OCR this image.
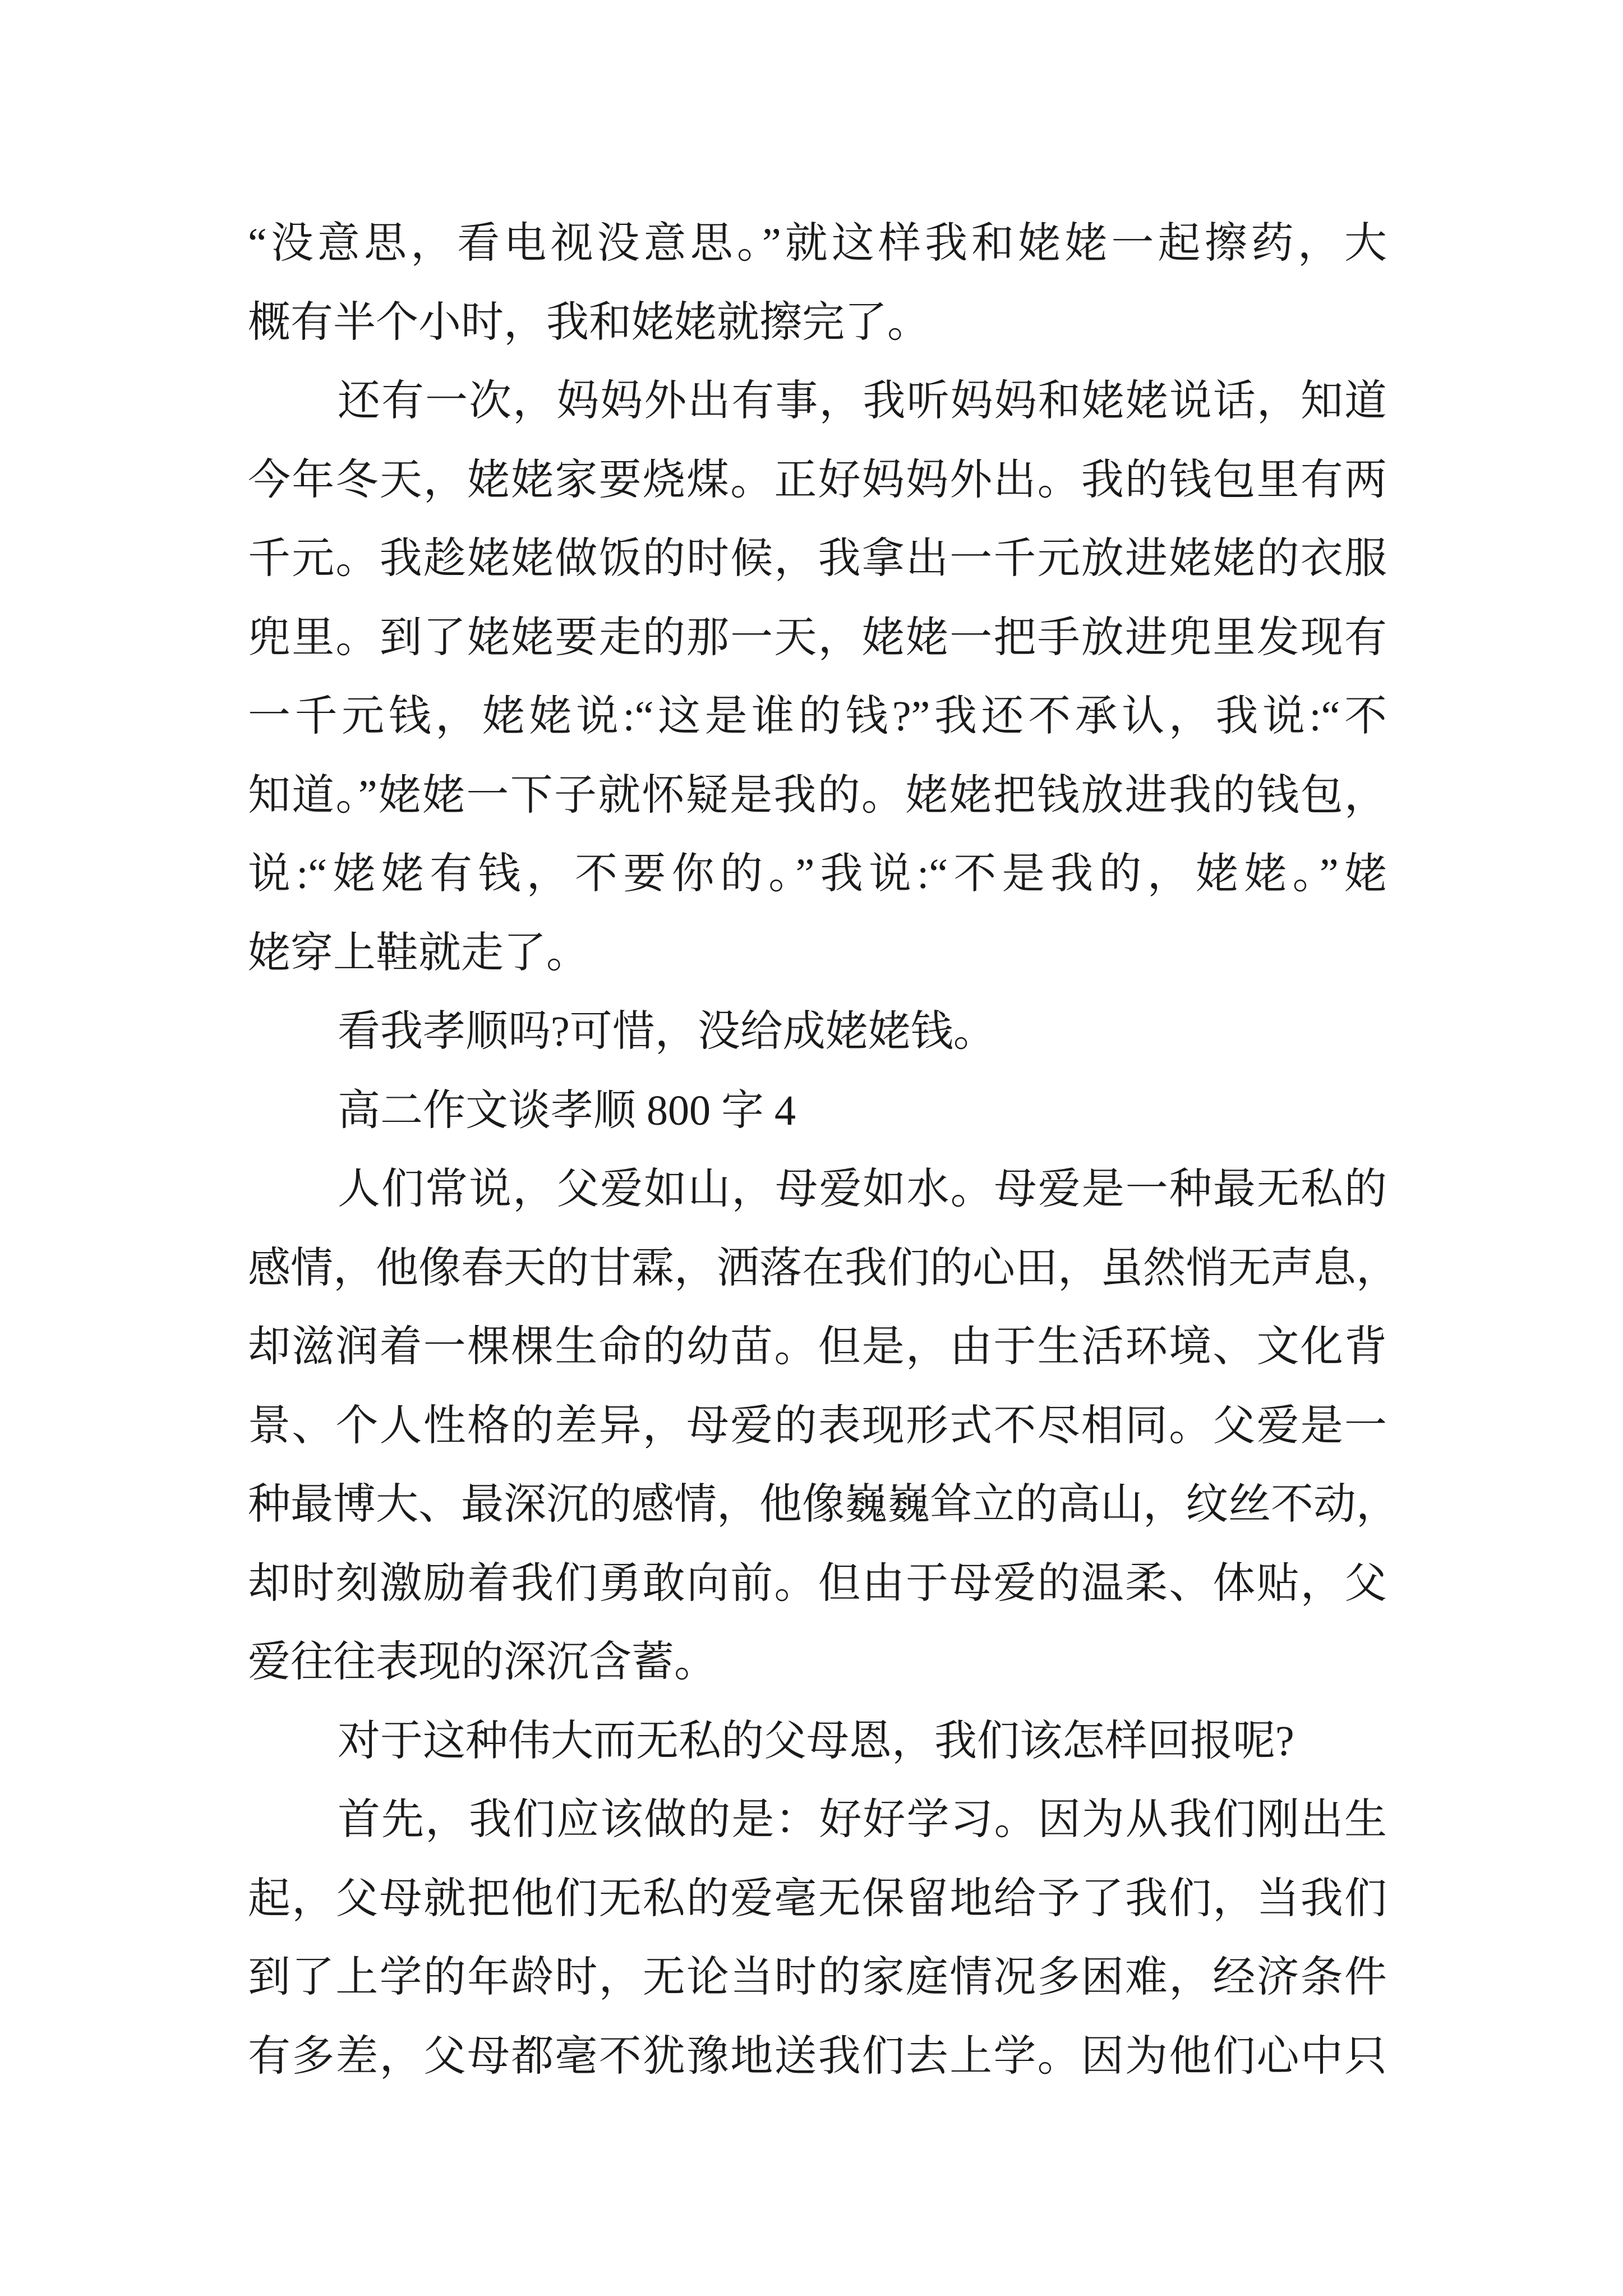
“没意思，看电视没意思。”就这样我和姥姥一起擦药，大
概有半个小时，我和姥姥就擦完了。
还有一次，妈妈外出有事，我听妈妈和姥姥说话，知道
今年冬天，姥姥家要烧煤。正好妈妈外出。我的钱包里有两
千元。我趁姥姥做饭的时候，我拿出一千元放进姥姥的衣服
兜里。到了姥姥要走的那一天，姥姥一把手放进兜里发现有
一千元钱，姥姥说:“这是谁的钱?”我还不承认，我说:“不
知道。”姥姥一下子就怀疑是我的。姥姥把钱放进我的钱包，
说:“姥姥有钱，不要你的。”我说:“不是我的，姥姥。”姥
姥穿上鞋就走了。
看我孝顺吗?可惜，没给成姥姥钱。
高二作文谈孝顺 800 字 4
人们常说，父爱如山，母爱如水。母爱是一种最无私的
感情，他像春天的甘霖，洒落在我们的心田，虽然悄无声息，
却滋润着一棵棵生命的幼苗。但是，由于生活环境、文化背
景、个人性格的差异，母爱的表现形式不尽相同。父爱是一
种最博大、最深沉的感情，他像巍巍耸立的高山，纹丝不动，
却时刻激励着我们勇敢向前。但由于母爱的温柔、体贴，父
爱往往表现的深沉含蓄。
对于这种伟大而无私的父母恩，我们该怎样回报呢?
首先，我们应该做的是：好好学习。因为从我们刚出生
起，父母就把他们无私的爱毫无保留地给予了我们，当我们
到了上学的年龄时，无论当时的家庭情况多困难，经济条件
有多差，父母都毫不犹豫地送我们去上学。因为他们心中只
